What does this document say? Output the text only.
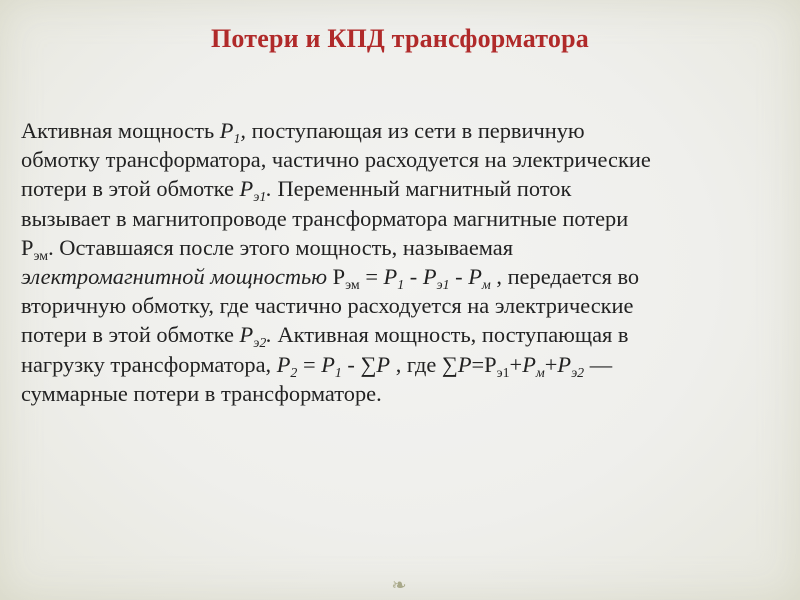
Потери и КПД трансформатора
Активная мощность $P_1$, поступающая из сети в первичную
обмотку трансформатора, частично расходуется на электрические
потери в этой обмотке $P_{э1}$. Переменный магнитный поток
вызывает в магнитопроводе трансформатора магнитные потери
$Р_{эм}$. Оставшаяся после этого мощность, называемая
электромагнитной мощностью $Р_{эм} = P_1 - P_{э1} - P_м$ , передается во
вторичную обмотку, где частично расходуется на электрические
потери в этой обмотке $P_{э2}$. Активная мощность, поступающая в
нагрузку трансформатора, $P_2 = P_1 - \sum P$ , где $\sum P=Р_{э1}+P_м+P_{э2}$ —
суммарные потери в трансформаторе.
❧
